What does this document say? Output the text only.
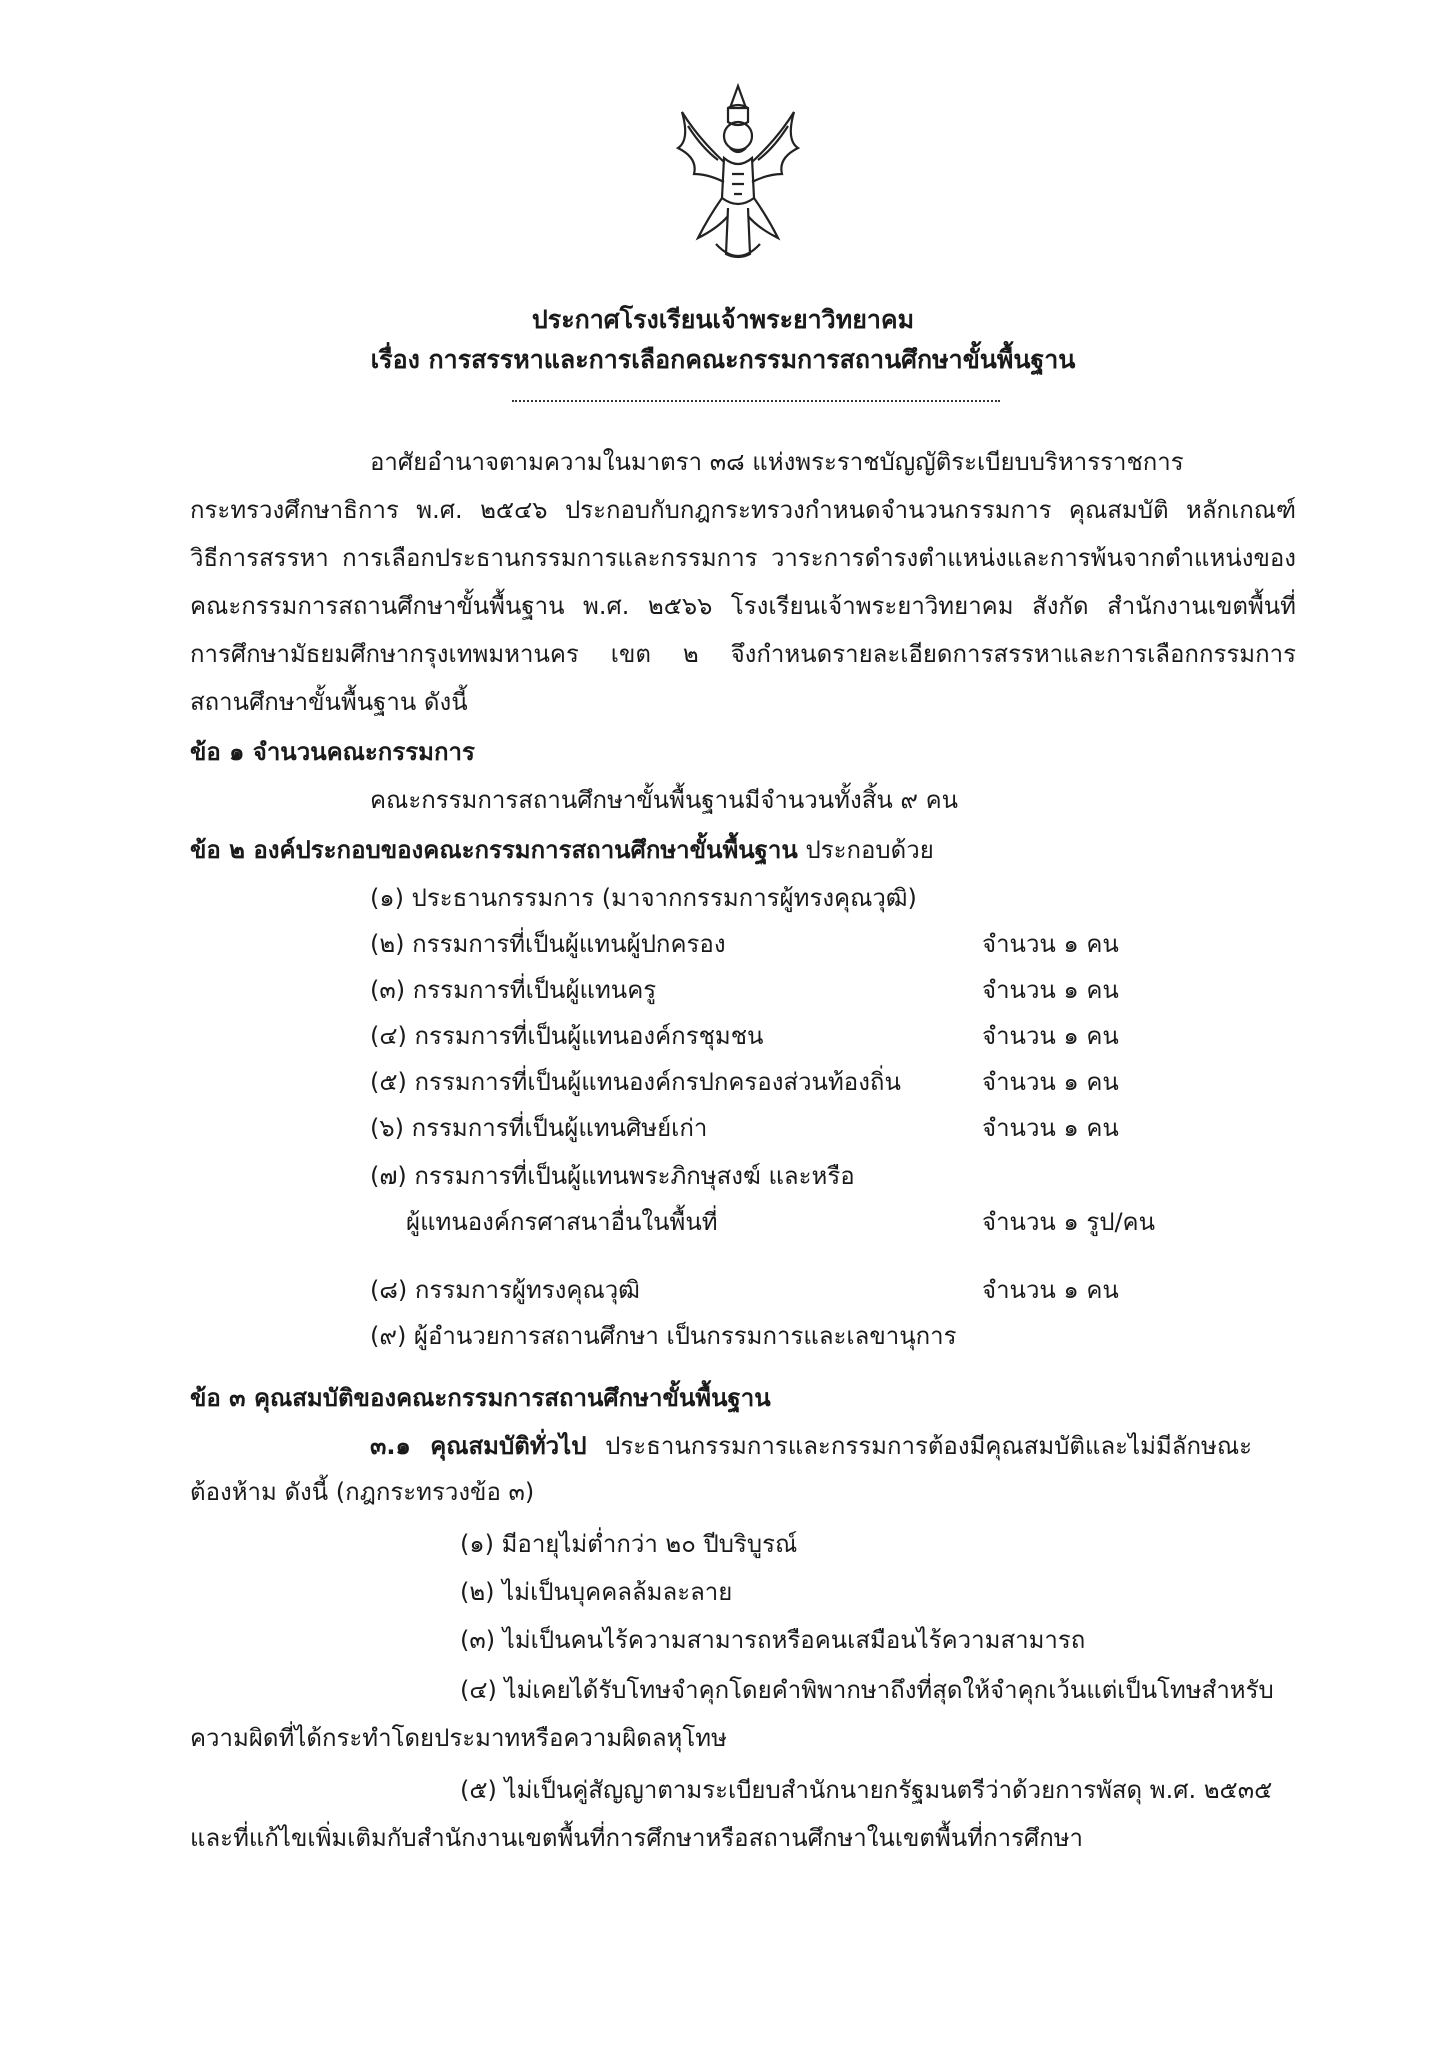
ประกาศโรงเรียนเจ้าพระยาวิทยาคม
เรื่อง การสรรหาและการเลือกคณะกรรมการสถานศึกษาขั้นพื้นฐาน
อาศัยอำนาจตามความในมาตรา ๓๘ แห่งพระราชบัญญัติระเบียบบริหารราชการ
กระทรวงศึกษาธิการ พ.ศ. ๒๕๔๖ ประกอบกับกฎกระทรวงกำหนดจำนวนกรรมการ คุณสมบัติ หลักเกณฑ์
วิธีการสรรหา การเลือกประธานกรรมการและกรรมการ วาระการดำรงตำแหน่งและการพ้นจากตำแหน่งของ
คณะกรรมการสถานศึกษาขั้นพื้นฐาน พ.ศ. ๒๕๖๖ โรงเรียนเจ้าพระยาวิทยาคม สังกัด สำนักงานเขตพื้นที่
การศึกษามัธยมศึกษากรุงเทพมหานคร เขต ๒ จึงกำหนดรายละเอียดการสรรหาและการเลือกกรรมการ
สถานศึกษาขั้นพื้นฐาน ดังนี้
ข้อ ๑ จำนวนคณะกรรมการ
คณะกรรมการสถานศึกษาขั้นพื้นฐานมีจำนวนทั้งสิ้น ๙ คน
ข้อ ๒ องค์ประกอบของคณะกรรมการสถานศึกษาขั้นพื้นฐาน ประกอบด้วย
(๑) ประธานกรรมการ (มาจากกรรมการผู้ทรงคุณวุฒิ)
(๒) กรรมการที่เป็นผู้แทนผู้ปกครอง	จำนวน ๑ คน
(๓) กรรมการที่เป็นผู้แทนครู	จำนวน ๑ คน
(๔) กรรมการที่เป็นผู้แทนองค์กรชุมชน	จำนวน ๑ คน
(๕) กรรมการที่เป็นผู้แทนองค์กรปกครองส่วนท้องถิ่น	จำนวน ๑ คน
(๖) กรรมการที่เป็นผู้แทนศิษย์เก่า	จำนวน ๑ คน
(๗) กรรมการที่เป็นผู้แทนพระภิกษุสงฆ์ และหรือ
ผู้แทนองค์กรศาสนาอื่นในพื้นที่	จำนวน ๑ รูป/คน
(๘) กรรมการผู้ทรงคุณวุฒิ	จำนวน ๑ คน
(๙) ผู้อำนวยการสถานศึกษา เป็นกรรมการและเลขานุการ
ข้อ ๓ คุณสมบัติของคณะกรรมการสถานศึกษาขั้นพื้นฐาน
๓.๑ คุณสมบัติทั่วไป ประธานกรรมการและกรรมการต้องมีคุณสมบัติและไม่มีลักษณะ
ต้องห้าม ดังนี้ (กฎกระทรวงข้อ ๓)
(๑) มีอายุไม่ต่ำกว่า ๒๐ ปีบริบูรณ์
(๒) ไม่เป็นบุคคลล้มละลาย
(๓) ไม่เป็นคนไร้ความสามารถหรือคนเสมือนไร้ความสามารถ
(๔) ไม่เคยได้รับโทษจำคุกโดยคำพิพากษาถึงที่สุดให้จำคุกเว้นแต่เป็นโทษสำหรับ
ความผิดที่ได้กระทำโดยประมาทหรือความผิดลหุโทษ
(๕) ไม่เป็นคู่สัญญาตามระเบียบสำนักนายกรัฐมนตรีว่าด้วยการพัสดุ พ.ศ. ๒๕๓๕
และที่แก้ไขเพิ่มเติมกับสำนักงานเขตพื้นที่การศึกษาหรือสถานศึกษาในเขตพื้นที่การศึกษา
